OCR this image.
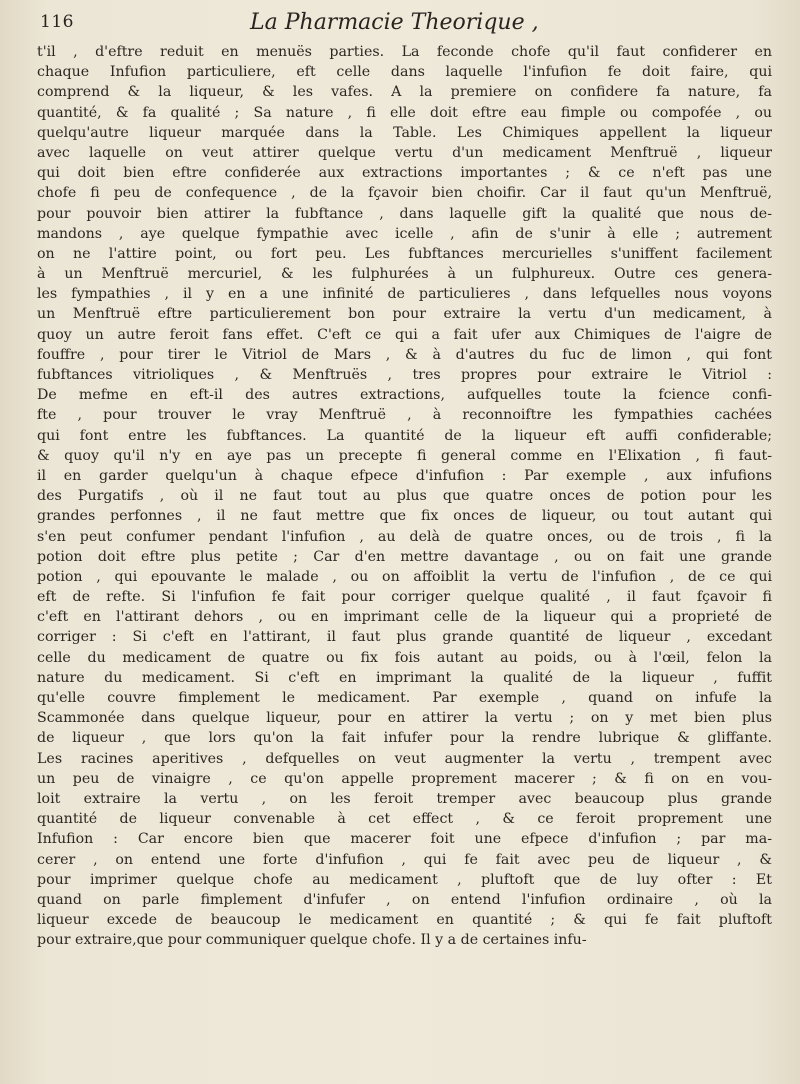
116	La Pharmacie Theorique ,
t'il , d'eftre reduit en menuës parties. La feconde chofe qu'il faut confiderer en
chaque Infufion particuliere, eft celle dans laquelle l'infufion fe doit faire, qui
comprend & la liqueur, & les vafes. A la premiere on confidere fa nature, fa
quantité, & fa qualité ; Sa nature , fi elle doit eftre eau fimple ou compofée , ou
quelqu'autre liqueur marquée dans la Table. Les Chimiques appellent la liqueur
avec laquelle on veut attirer quelque vertu d'un medicament Menftruë , liqueur
qui doit bien eftre confiderée aux extractions importantes ; & ce n'eft pas une
chofe fi peu de confequence , de la fçavoir bien choifir. Car il faut qu'un Menftruë,
pour pouvoir bien attirer la fubftance , dans laquelle gift la qualité que nous de-
mandons , aye quelque fympathie avec icelle , afin de s'unir à elle ; autrement
on ne l'attire point, ou fort peu. Les fubftances mercurielles s'uniffent facilement
à un Menftruë mercuriel, & les fulphurées à un fulphureux. Outre ces genera-
les fympathies , il y en a une infinité de particulieres , dans lefquelles nous voyons
un Menftruë eftre particulierement bon pour extraire la vertu d'un medicament, à
quoy un autre feroit fans effet. C'eft ce qui a fait ufer aux Chimiques de l'aigre de
fouffre , pour tirer le Vitriol de Mars , & à d'autres du fuc de limon , qui font
fubftances vitrioliques , & Menftruës , tres propres pour extraire le Vitriol :
De mefme en eft-il des autres extractions, aufquelles toute la fcience confi-
fte , pour trouver le vray Menftruë , à reconnoiftre les fympathies cachées
qui font entre les fubftances. La quantité de la liqueur eft auffi confiderable;
& quoy qu'il n'y en aye pas un precepte fi general comme en l'Elixation , fi faut-
il en garder quelqu'un à chaque efpece d'infufion : Par exemple , aux infufions
des Purgatifs , où il ne faut tout au plus que quatre onces de potion pour les
grandes perfonnes , il ne faut mettre que fix onces de liqueur, ou tout autant qui
s'en peut confumer pendant l'infufion , au delà de quatre onces, ou de trois , fi la
potion doit eftre plus petite ; Car d'en mettre davantage , ou on fait une grande
potion , qui epouvante le malade , ou on affoiblit la vertu de l'infufion , de ce qui
eft de refte. Si l'infufion fe fait pour corriger quelque qualité , il faut fçavoir fi
c'eft en l'attirant dehors , ou en imprimant celle de la liqueur qui a proprieté de
corriger : Si c'eft en l'attirant, il faut plus grande quantité de liqueur , excedant
celle du medicament de quatre ou fix fois autant au poids, ou à l'œil, felon la
nature du medicament. Si c'eft en imprimant la qualité de la liqueur , fuffit
qu'elle couvre fimplement le medicament. Par exemple , quand on infufe la
Scammonée dans quelque liqueur, pour en attirer la vertu ; on y met bien plus
de liqueur , que lors qu'on la fait infufer pour la rendre lubrique & gliffante.
Les racines aperitives , defquelles on veut augmenter la vertu , trempent avec
un peu de vinaigre , ce qu'on appelle proprement macerer ; & fi on en vou-
loit extraire la vertu , on les feroit tremper avec beaucoup plus grande
quantité de liqueur convenable à cet effect , & ce feroit proprement une
Infufion : Car encore bien que macerer foit une efpece d'infufion ; par ma-
cerer , on entend une forte d'infufion , qui fe fait avec peu de liqueur , &
pour imprimer quelque chofe au medicament , pluftoft que de luy ofter : Et
quand on parle fimplement d'infufer , on entend l'infufion ordinaire , où la
liqueur excede de beaucoup le medicament en quantité ; & qui fe fait pluftoft
pour extraire,que pour communiquer quelque chofe. Il y a de certaines infu-
